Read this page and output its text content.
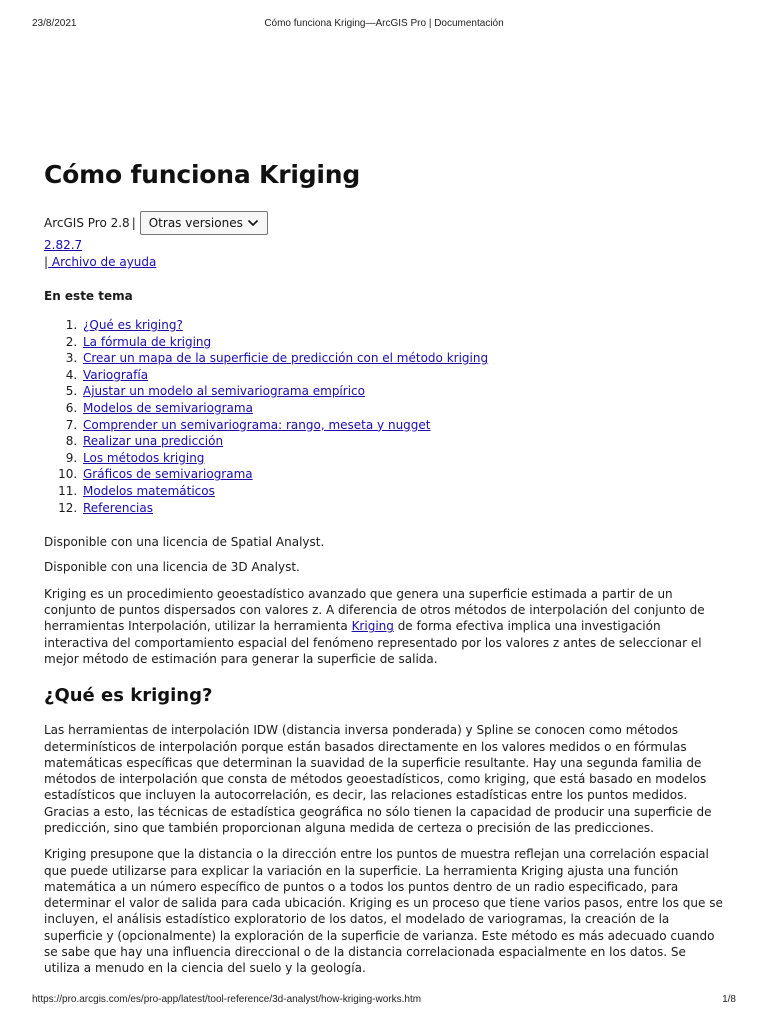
23/8/2021	Cómo funciona Kriging—ArcGIS Pro | Documentación
Cómo funciona Kriging
ArcGIS Pro 2.8 | Otras versiones
2.82.7
| Archivo de ayuda
En este tema
1. ¿Qué es kriging?
2. La fórmula de kriging
3. Crear un mapa de la superficie de predicción con el método kriging
4. Variografía
5. Ajustar un modelo al semivariograma empírico
6. Modelos de semivariograma
7. Comprender un semivariograma: rango, meseta y nugget
8. Realizar una predicción
9. Los métodos kriging
10. Gráficos de semivariograma
11. Modelos matemáticos
12. Referencias

Disponible con una licencia de Spatial Analyst.

Disponible con una licencia de 3D Analyst.

Kriging es un procedimiento geoestadístico avanzado que genera una superficie estimada a partir de un conjunto de puntos dispersados con valores z. A diferencia de otros métodos de interpolación del conjunto de herramientas Interpolación, utilizar la herramienta Kriging de forma efectiva implica una investigación interactiva del comportamiento espacial del fenómeno representado por los valores z antes de seleccionar el mejor método de estimación para generar la superficie de salida.

¿Qué es kriging?

Las herramientas de interpolación IDW (distancia inversa ponderada) y Spline se conocen como métodos determinísticos de interpolación porque están basados directamente en los valores medidos o en fórmulas matemáticas específicas que determinan la suavidad de la superficie resultante. Hay una segunda familia de métodos de interpolación que consta de métodos geoestadísticos, como kriging, que está basado en modelos estadísticos que incluyen la autocorrelación, es decir, las relaciones estadísticas entre los puntos medidos. Gracias a esto, las técnicas de estadística geográfica no sólo tienen la capacidad de producir una superficie de predicción, sino que también proporcionan alguna medida de certeza o precisión de las predicciones.

Kriging presupone que la distancia o la dirección entre los puntos de muestra reflejan una correlación espacial que puede utilizarse para explicar la variación en la superficie. La herramienta Kriging ajusta una función matemática a un número específico de puntos o a todos los puntos dentro de un radio especificado, para determinar el valor de salida para cada ubicación. Kriging es un proceso que tiene varios pasos, entre los que se incluyen, el análisis estadístico exploratorio de los datos, el modelado de variogramas, la creación de la superficie y (opcionalmente) la exploración de la superficie de varianza. Este método es más adecuado cuando se sabe que hay una influencia direccional o de la distancia correlacionada espacialmente en los datos. Se utiliza a menudo en la ciencia del suelo y la geología.

https://pro.arcgis.com/es/pro-app/latest/tool-reference/3d-analyst/how-kriging-works.htm	1/8
